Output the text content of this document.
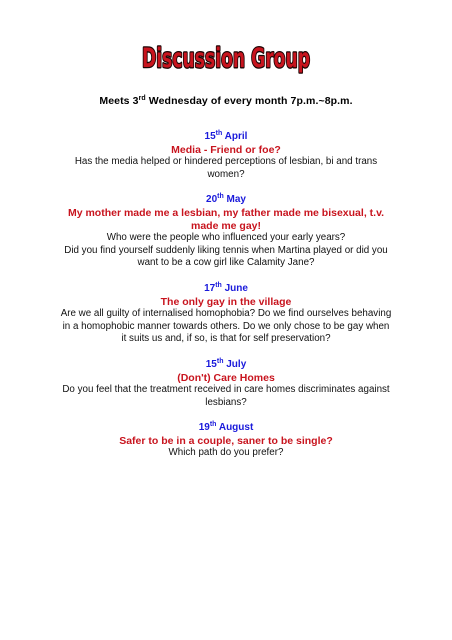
Discussion Group
Meets 3rd Wednesday of every month 7p.m.~8p.m.
15th April
Media - Friend or foe?
Has the media helped or hindered perceptions of lesbian, bi and trans
women?
20th May
My mother made me a lesbian, my father made me bisexual, t.v.
made me gay!
Who were the people who influenced your early years?
Did you find yourself suddenly liking tennis when Martina played or did you
want to be a cow girl like Calamity Jane?
17th June
The only gay in the village
Are we all guilty of internalised homophobia? Do we find ourselves behaving
in a homophobic manner towards others. Do we only chose to be gay when
it suits us and, if so, is that for self preservation?
15th July
(Don't) Care Homes
Do you feel that the treatment received in care homes discriminates against
lesbians?
19th August
Safer to be in a couple, saner to be single?
Which path do you prefer?
